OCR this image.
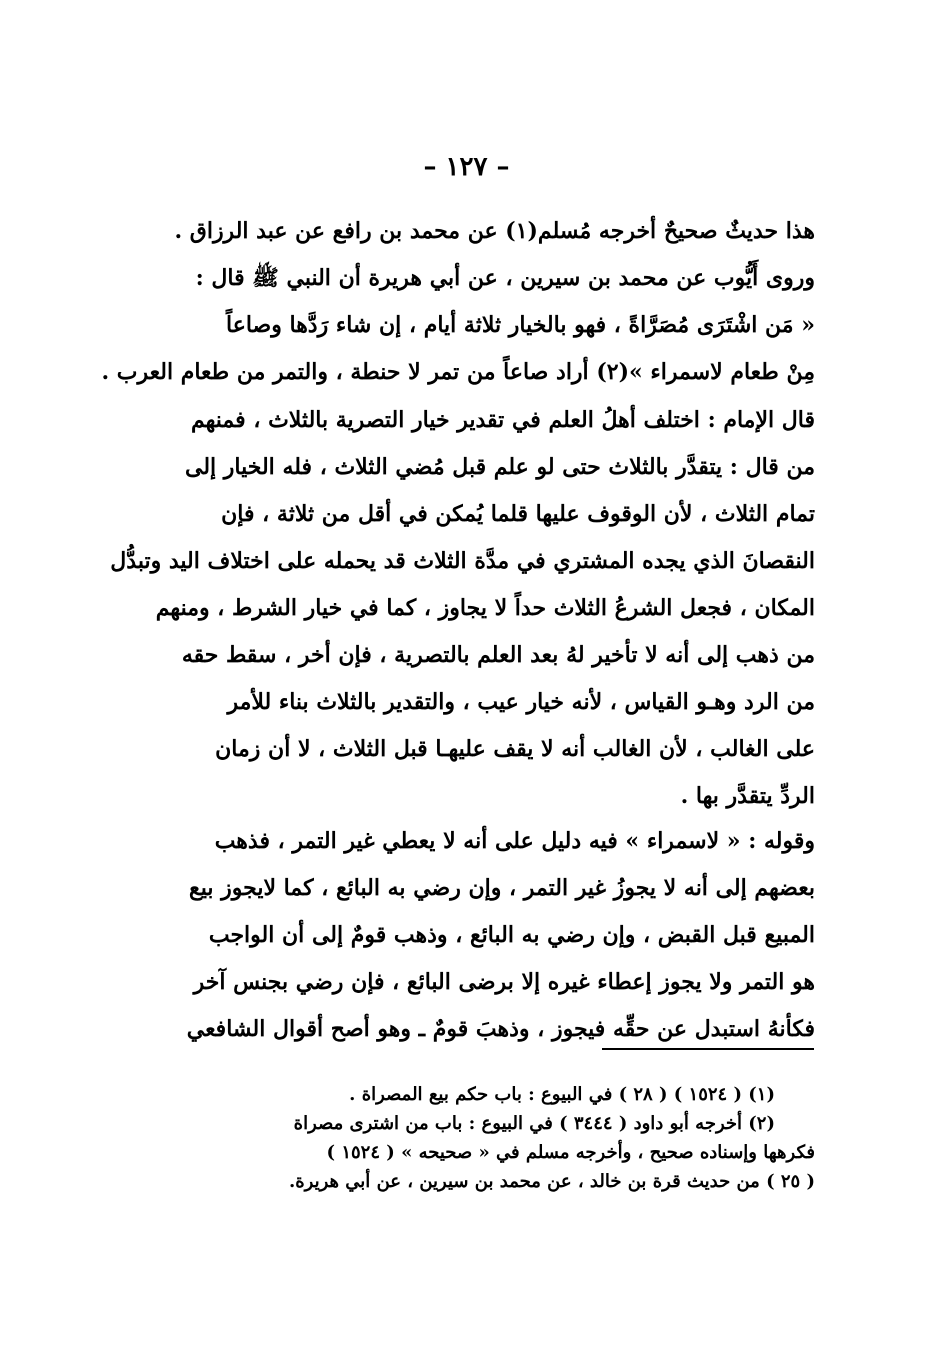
– ١٢٧ –
هذا حديثٌ صحيحٌ أخرجه مُسلم(١) عن محمد بن رافع عن عبد الرزاق .
وروى أَيُّوب عن محمد بن سيرين ، عن أبي هريرة أن النبي ﷺ قال :
« مَن اشْتَرَى مُصَرَّاةً ، فهو بالخيار ثلاثة أيام ، إن شاء رَدَّها وصاعاً
مِنْ طعام لاسمراء »(٢) أراد صاعاً من تمر لا حنطة ، والتمر من طعام العرب .
قال الإمام : اختلف أهلُ العلم في تقدير خيار التصرية بالثلاث ، فمنهم
من قال : يتقدَّر بالثلاث حتى لو علم قبل مُضي الثلاث ، فله الخيار إلى
تمام الثلاث ، لأن الوقوف عليها قلما يُمكن في أقل من ثلاثة ، فإن
النقصانَ الذي يجده المشتري في مدَّة الثلاث قد يحمله على اختلاف اليد وتبدُّل
المكان ، فجعل الشرعُ الثلاث حداً لا يجاوز ، كما في خيار الشرط ، ومنهم
من ذهب إلى أنه لا تأخير لهُ بعد العلم بالتصرية ، فإن أخر ، سقط حقه
من الرد وهـو القياس ، لأنه خيار عيب ، والتقدير بالثلاث بناء للأمر
على الغالب ، لأن الغالب أنه لا يقف عليهـا قبل الثلاث ، لا أن زمان
الردِّ يتقدَّر بها .
وقوله : « لاسمراء » فيه دليل على أنه لا يعطي غير التمر ، فذهب
بعضهم إلى أنه لا يجوزُ غير التمر ، وإن رضي به البائع ، كما لايجوز بيع
المبيع قبل القبض ، وإن رضي به البائع ، وذهب قومٌ إلى أن الواجب
هو التمر ولا يجوز إعطاء غيره إلا برضى البائع ، فإن رضي بجنس آخر
فكأنهُ استبدل عن حقِّه فيجوز ، وذهبَ قومٌ ـ وهو أصح أقوال الشافعي
(١) ( ١٥٢٤ ) ( ٢٨ ) في البيوع : باب حكم بيع المصراة .
(٢) أخرجه أبو داود ( ٣٤٤٤ ) في البيوع : باب من اشترى مصراة
فكرهها وإسناده صحيح ، وأخرجه مسلم في « صحيحه » ( ١٥٢٤ )
( ٢٥ ) من حديث قرة بن خالد ، عن محمد بن سيرين ، عن أبي هريرة.
